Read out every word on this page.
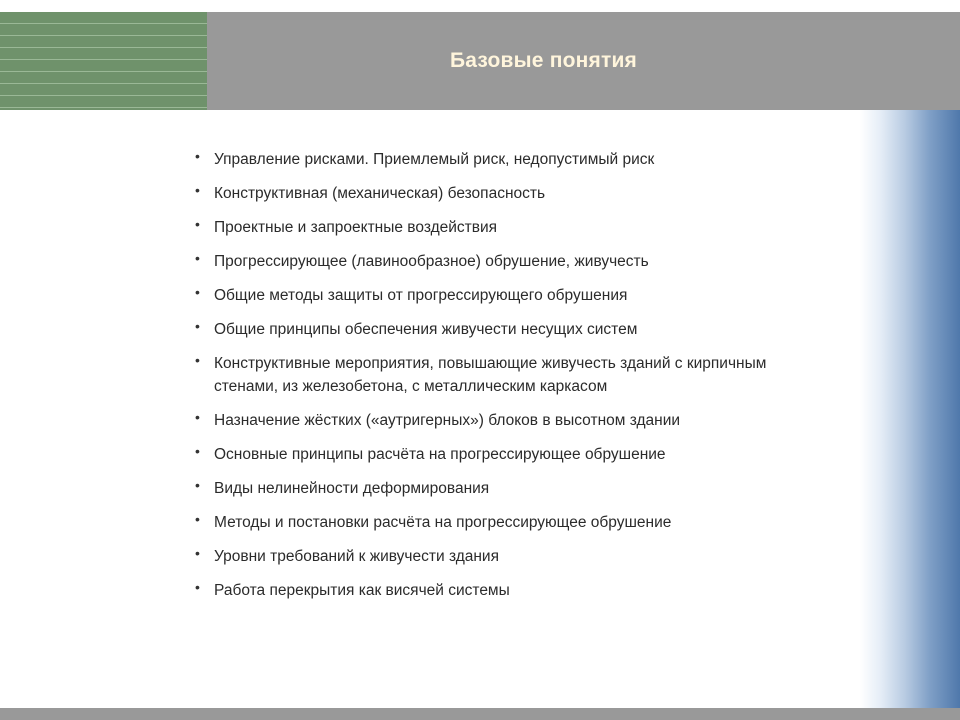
Базовые понятия
• Управление рисками. Приемлемый риск, недопустимый риск
• Конструктивная (механическая) безопасность
• Проектные и запроектные воздействия
• Прогрессирующее (лавинообразное) обрушение, живучесть
• Общие методы защиты от прогрессирующего обрушения
• Общие принципы обеспечения живучести несущих систем
• Конструктивные мероприятия, повышающие живучесть зданий с кирпичным стенами, из железобетона, с металлическим каркасом
• Назначение жёстких («аутригерных») блоков в высотном здании
• Основные принципы расчёта на прогрессирующее обрушение
• Виды нелинейности деформирования
• Методы и постановки расчёта на прогрессирующее обрушение
• Уровни требований к живучести здания
• Работа перекрытия как висячей системы
